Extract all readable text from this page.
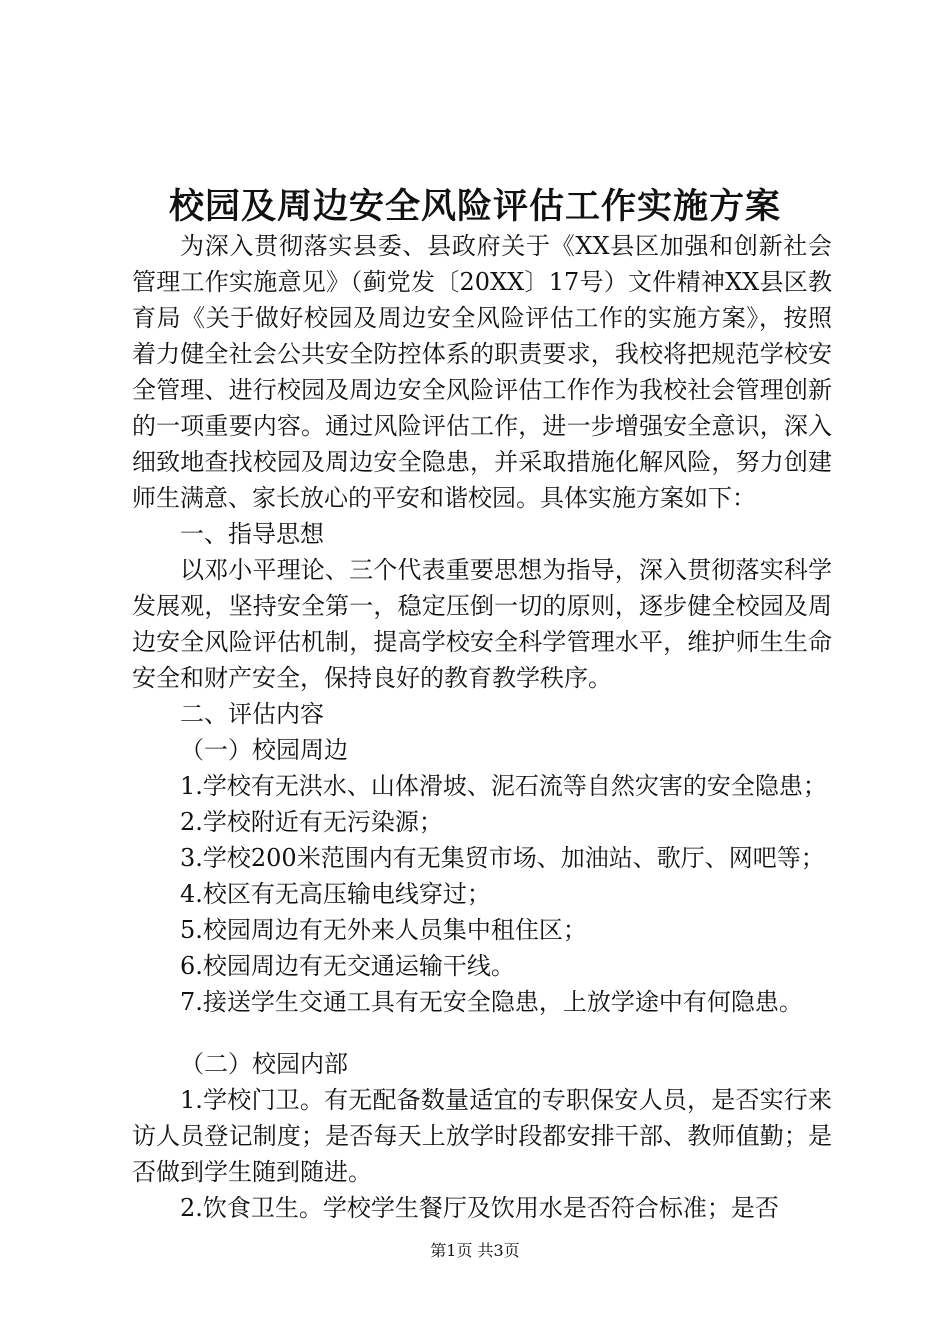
校园及周边安全风险评估工作实施方案

为深入贯彻落实县委、县政府关于《XX县区加强和创新社会管理工作实施意见》（蓟党发〔20XX〕17号）文件精神XX县区教育局《关于做好校园及周边安全风险评估工作的实施方案》，按照着力健全社会公共安全防控体系的职责要求，我校将把规范学校安全管理、进行校园及周边安全风险评估工作作为我校社会管理创新的一项重要内容。通过风险评估工作，进一步增强安全意识，深入细致地查找校园及周边安全隐患，并采取措施化解风险，努力创建师生满意、家长放心的平安和谐校园。具体实施方案如下：

一、指导思想

以邓小平理论、三个代表重要思想为指导，深入贯彻落实科学发展观，坚持安全第一，稳定压倒一切的原则，逐步健全校园及周边安全风险评估机制，提高学校安全科学管理水平，维护师生生命安全和财产安全，保持良好的教育教学秩序。

二、评估内容

（一）校园周边

1.学校有无洪水、山体滑坡、泥石流等自然灾害的安全隐患；

2.学校附近有无污染源；

3.学校200米范围内有无集贸市场、加油站、歌厅、网吧等；

4.校区有无高压输电线穿过；

5.校园周边有无外来人员集中租住区；

6.校园周边有无交通运输干线。

7.接送学生交通工具有无安全隐患，上放学途中有何隐患。

（二）校园内部

1.学校门卫。有无配备数量适宜的专职保安人员，是否实行来访人员登记制度；是否每天上放学时段都安排干部、教师值勤；是否做到学生随到随进。

2.饮食卫生。学校学生餐厅及饮用水是否符合标准；是否

第1页 共3页
